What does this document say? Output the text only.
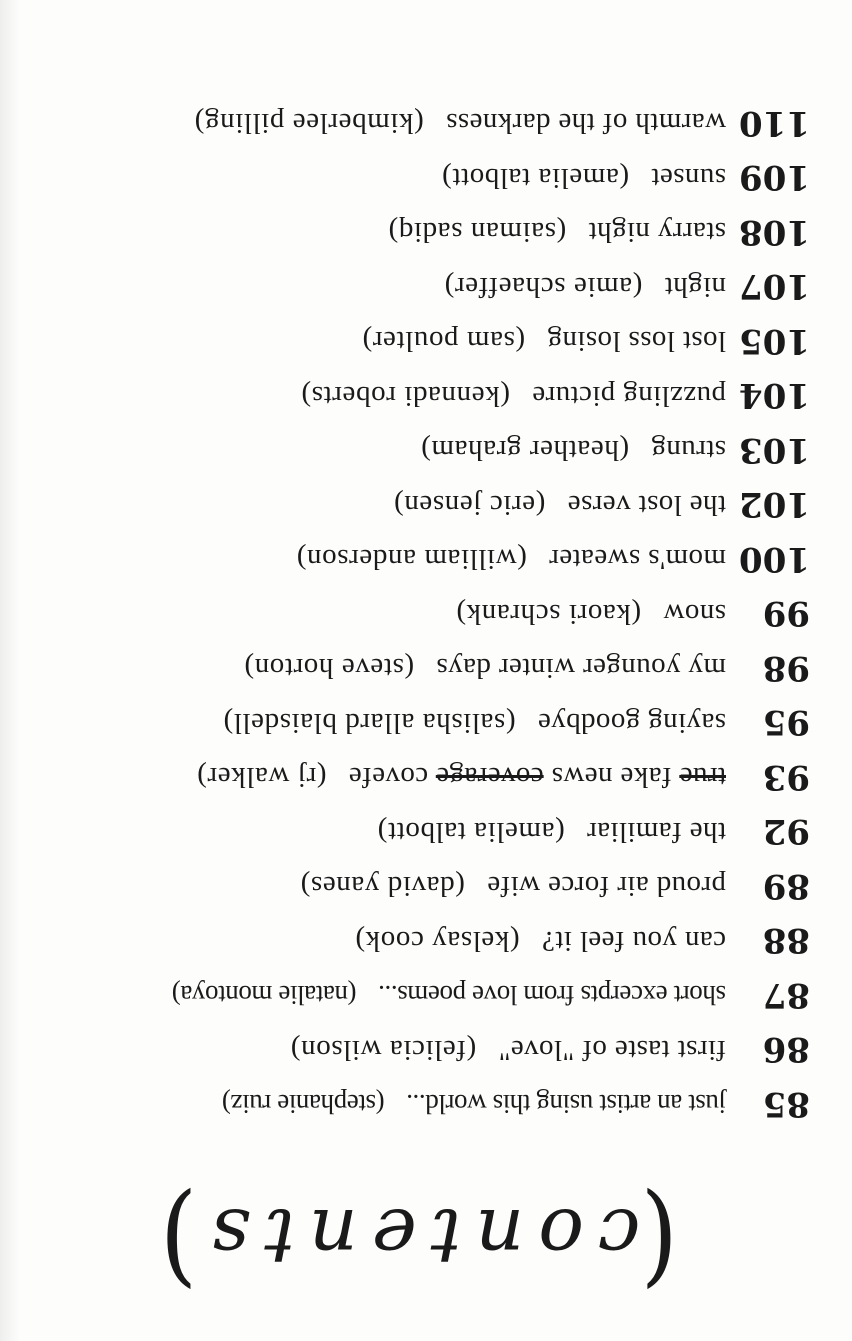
(contents)
85
just an artist using this world...
( stephanie ruiz )
86
first taste of "love"
( felicia wilson )
87
short excerpts from love poems...
( natalie montoya )
88
can you feel it?
( kelsay cook )
89
proud air force wife
( david yanes )
92
the familiar
( amelia talbott )
93
true fake news coverage covefe
( rj walker )
95
saying goodbye
( salisha allard blaisdell )
98
my younger winter days
( steve horton )
99
snow
( kaori schrank )
100
mom's sweater
( william anderson )
102
the lost verse
( eric jensen )
103
strung
( heather graham )
104
puzzling picture
( kennadi roberts )
105
lost loss losing
( sam poulter )
107
night
( amie schaeffer )
108
starry night
( saiman sadiq )
109
sunset
( amelia talbott )
110
warmth of the darkness
( kimberlee pilling )
